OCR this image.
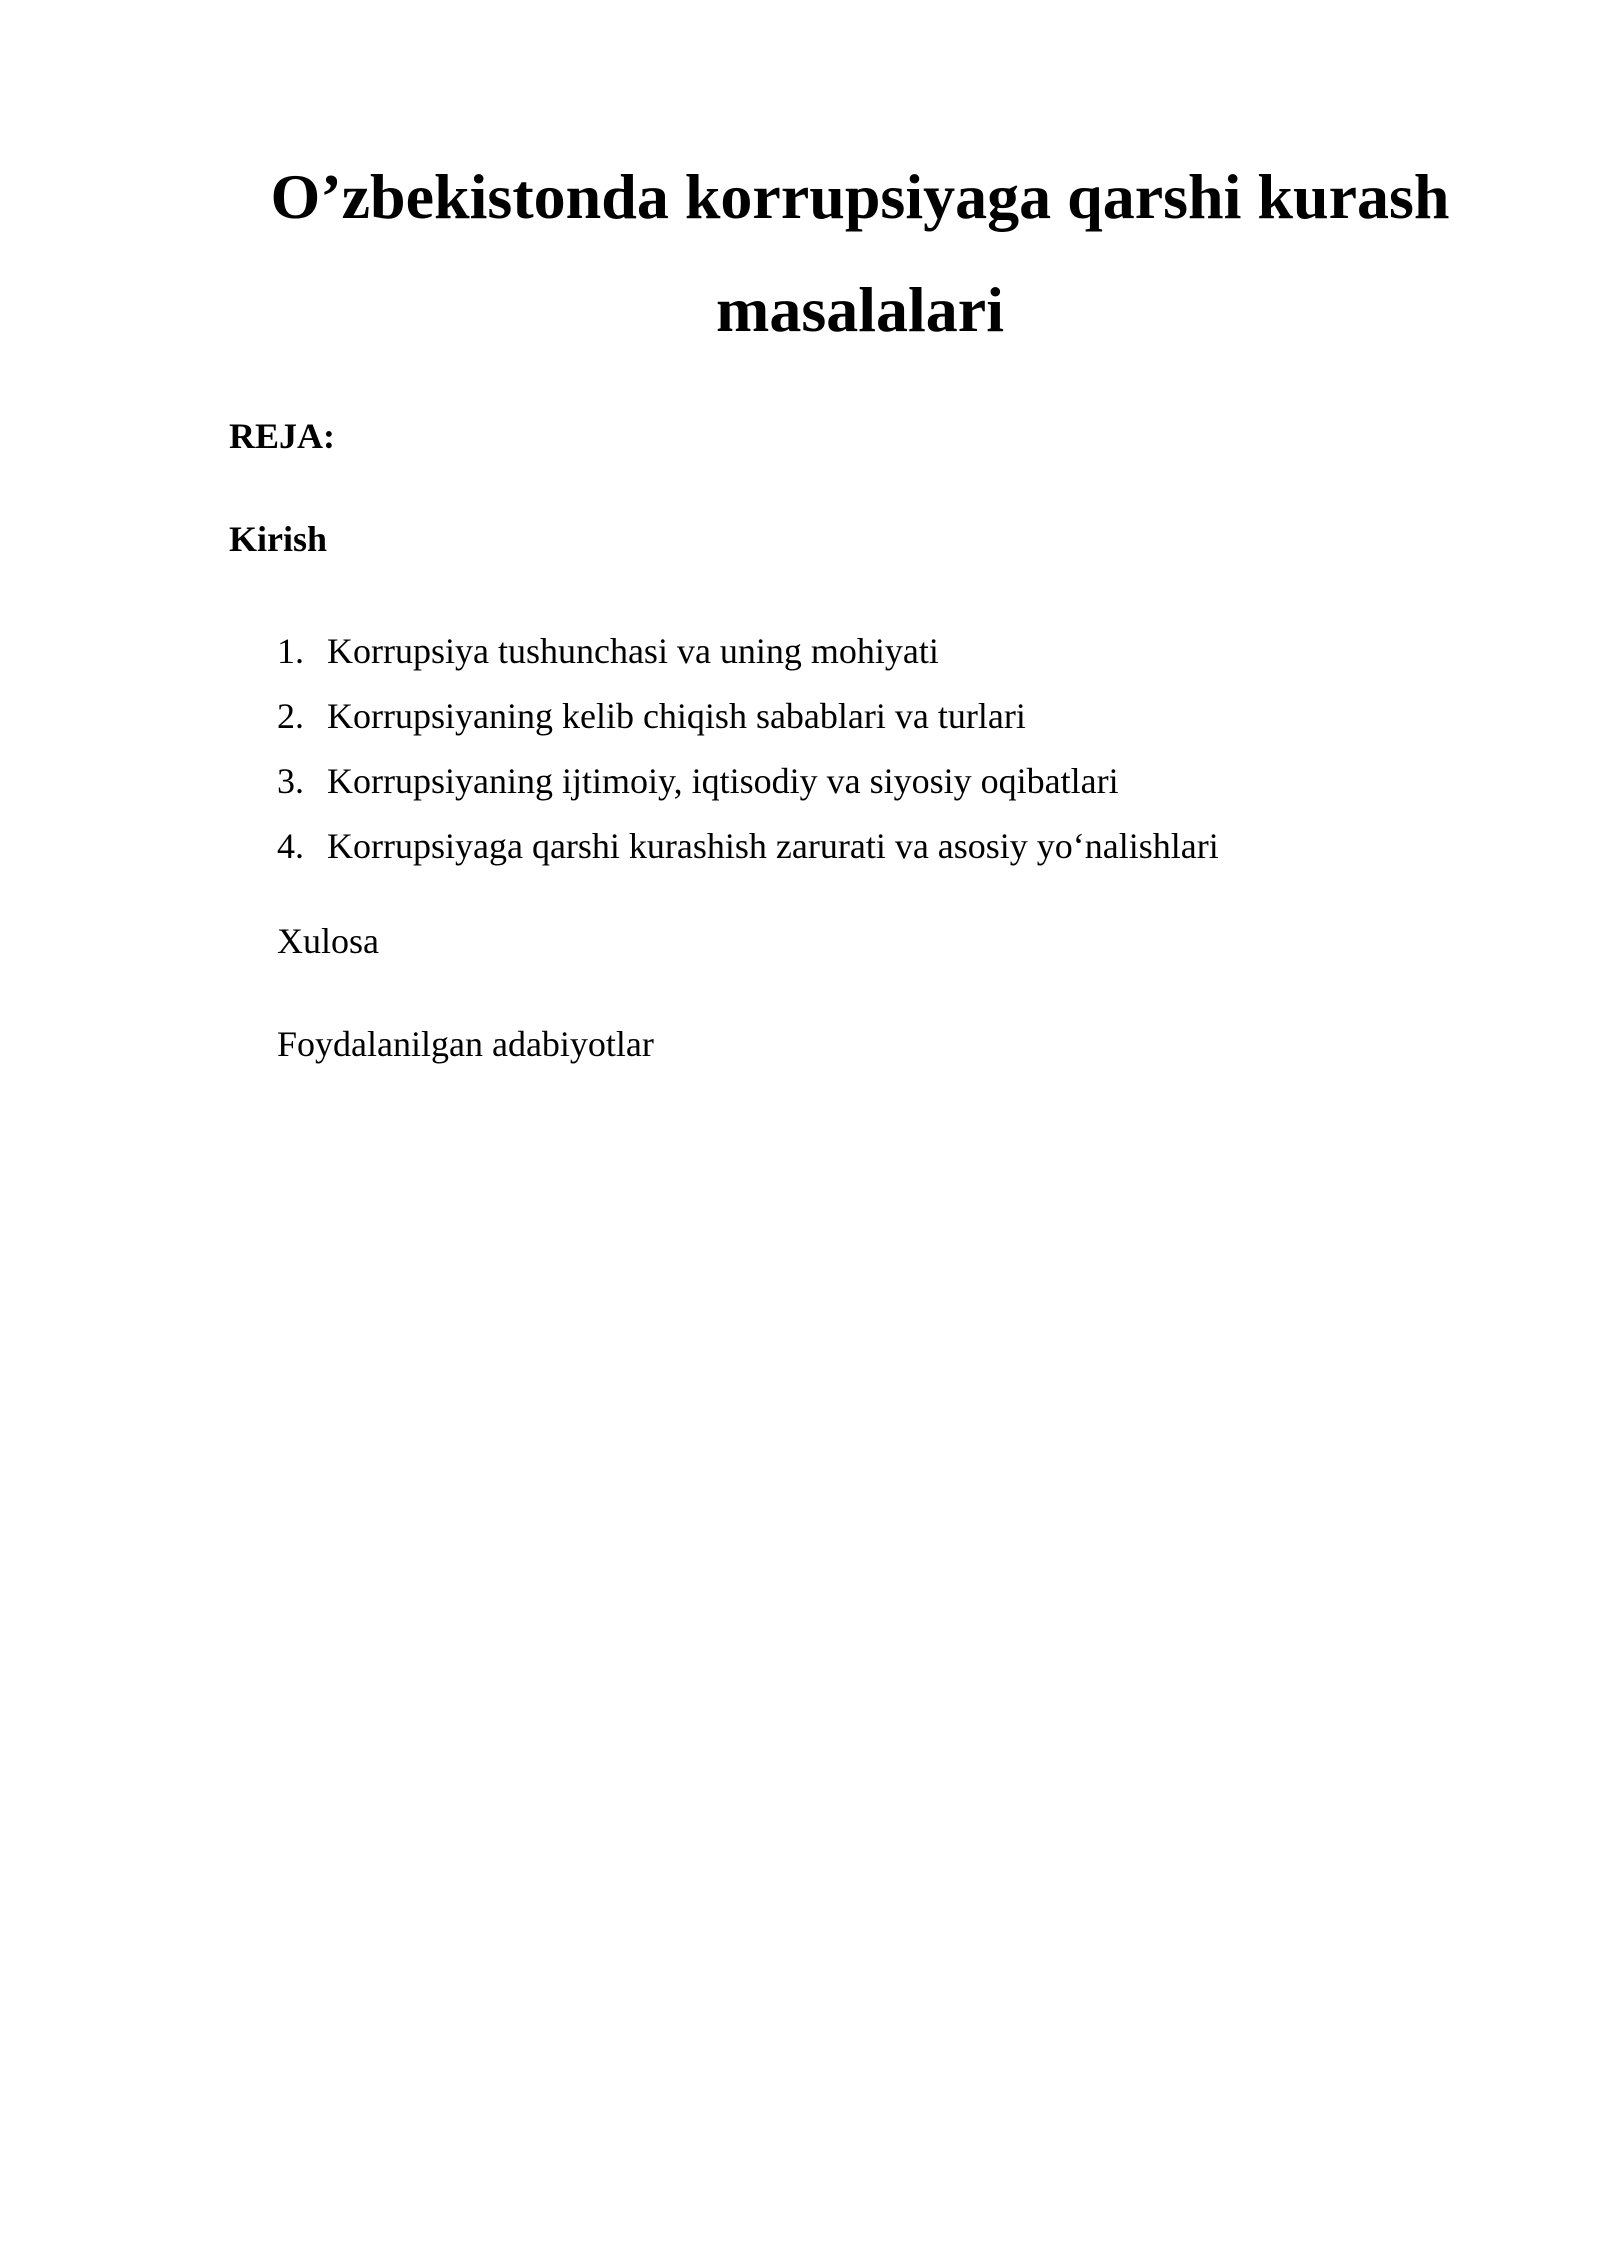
O’zbekistonda korrupsiyaga qarshi kurash masalalari

REJA:

Kirish

1. Korrupsiya tushunchasi va uning mohiyati
2. Korrupsiyaning kelib chiqish sabablari va turlari
3. Korrupsiyaning ijtimoiy, iqtisodiy va siyosiy oqibatlari
4. Korrupsiyaga qarshi kurashish zarurati va asosiy yo‘nalishlari

Xulosa

Foydalanilgan adabiyotlar
